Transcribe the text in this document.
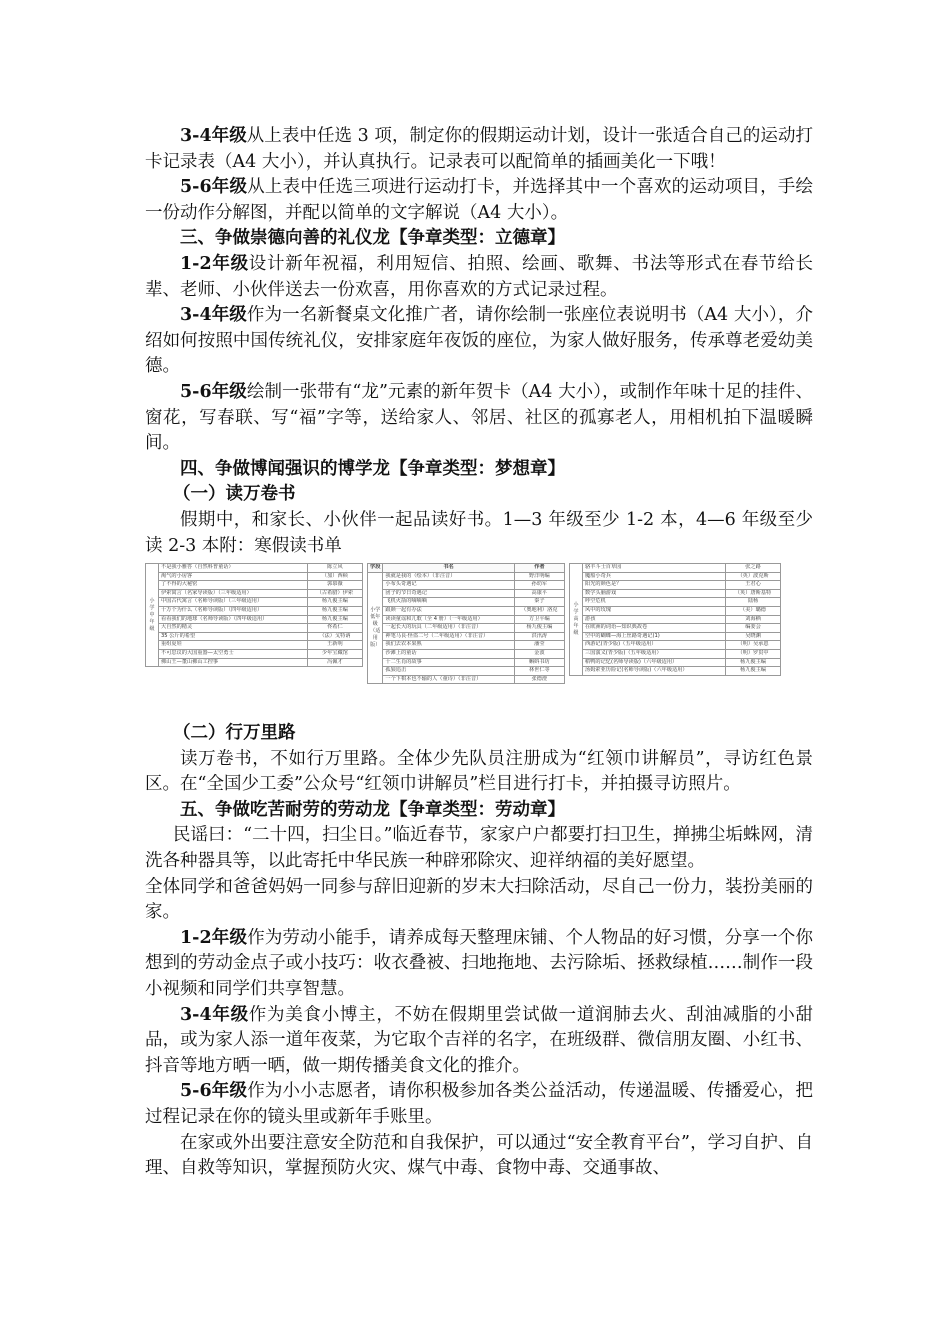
3-4年级从上表中任选 3 项，制定你的假期运动计划，设计一张适合自己的运动打卡记录表（A4 大小），并认真执行。记录表可以配简单的插画美化一下哦！

5-6年级从上表中任选三项进行运动打卡，并选择其中一个喜欢的运动项目，手绘一份动作分解图，并配以简单的文字解说（A4 大小）。

三、争做崇德向善的礼仪龙【争章类型：立德章】

1-2年级设计新年祝福，利用短信、拍照、绘画、歌舞、书法等形式在春节给长辈、老师、小伙伴送去一份欢喜，用你喜欢的方式记录过程。

3-4年级作为一名新餐桌文化推广者，请你绘制一张座位表说明书（A4 大小），介绍如何按照中国传统礼仪，安排家庭年夜饭的座位，为家人做好服务，传承尊老爱幼美德。

5-6年级绘制一张带有“龙”元素的新年贺卡（A4 大小），或制作年味十足的挂件、窗花，写春联、写“福”字等，送给家人、邻居、社区的孤寡老人，用相机拍下温暖瞬间。

四、争做博闻强识的博学龙【争章类型：梦想章】

（一）读万卷书

假期中，和家长、小伙伴一起品读好书。1—3 年级至少 1-2 本，4—6 年级至少读 2-3 本附：寒假读书单

小学中年级	不是我小雅答（自然科普童话）	陈立风
	淘气的小房客	（加）西顿
	了不得的大秘密	郭慕薇
	伊索寓言（名家导读版）（三年级适用）	（古希腊）伊索
	中国古代寓言（名师导读版）（三年级适用）	杨九俊主编
	十万个为什么（名师导读版）（四年级适用）	杨九俊主编
	看看我们的地球（名师导读版）（四年级适用）	杨九俊主编
	大自然的精灵	佟希仁
	35 公斤的希望	（法）戈特讷
	重组夏娃	王新明
	不可思议的大国重器—太空勇士	少年宝藏馆
	佛山王—董山佛山工控事	冯佩才
学段	书名	作者
小学低年级（适用版）	我就是我的（绘本）（非注音）	野洋明编
	小布头奇遇记	孙幼军
	团子的节日奇遇记	高康平
	飞机火箭的嘀嘀嘀	秦子
	跟颜一起有办法	（奥地利）洛克
	读读童谣和儿歌（全 4 册）（一年级适用）	方卫平编
	一起长大的玩具（二年级适用）（非注音）	杨九俊主编
	神笔马良·怪盗二号（二年级适用）（非注音）	洪汛涛
	我们去农本果熟	潘莹
	沙滩上的童话	金波
	十二生肖的故事	蝌蚪书坊
	孤狼追击	林世仁等
	一个下棋本也不输的人（童诗）（非注音）	张德澄
小学高年级	骆羊斗士百草园	张之路
	魔船小奇兵	（英）波克斯
	阳光的颜色是？	王君心
	数学头脑游戏	（英）唐斯基特
	呼空危机	陆杨
	风中的玫瑰	（美）璐德
	游孩	刘海栖
	在欧洲的词语—知识典故卷	编委会
	空中的蝴蝶—海上丝路奇遇记(1)	吴晓渊
	西游记(青少版)（五年级适用）	（明）吴承恩
	三国演义(青少版)（五年级适用）	（明）罗贯中
	稻鸭的记忆(名师导读版)（六年级适用）	杨九俊主编
	汤姆索亚历险记(名师导读版)（六年级适用）	杨九俊主编

（二）行万里路

读万卷书，不如行万里路。全体少先队员注册成为“红领巾讲解员”，寻访红色景区。在“全国少工委”公众号“红领巾讲解员”栏目进行打卡，并拍摄寻访照片。

五、争做吃苦耐劳的劳动龙【争章类型：劳动章】

民谣曰：“二十四，扫尘日。”临近春节，家家户户都要打扫卫生，掸拂尘垢蛛网，清洗各种器具等，以此寄托中华民族一种辟邪除灾、迎祥纳福的美好愿望。

全体同学和爸爸妈妈一同参与辞旧迎新的岁末大扫除活动，尽自己一份力，装扮美丽的家。

1-2年级作为劳动小能手，请养成每天整理床铺、个人物品的好习惯，分享一个你想到的劳动金点子或小技巧：收衣叠被、扫地拖地、去污除垢、拯救绿植……制作一段小视频和同学们共享智慧。

3-4年级作为美食小博主，不妨在假期里尝试做一道润肺去火、刮油减脂的小甜品，或为家人添一道年夜菜，为它取个吉祥的名字，在班级群、微信朋友圈、小红书、抖音等地方晒一晒，做一期传播美食文化的推介。

5-6年级作为小小志愿者，请你积极参加各类公益活动，传递温暖、传播爱心，把过程记录在你的镜头里或新年手账里。

在家或外出要注意安全防范和自我保护，可以通过“安全教育平台”，学习自护、自理、自救等知识，掌握预防火灾、煤气中毒、食物中毒、交通事故、
